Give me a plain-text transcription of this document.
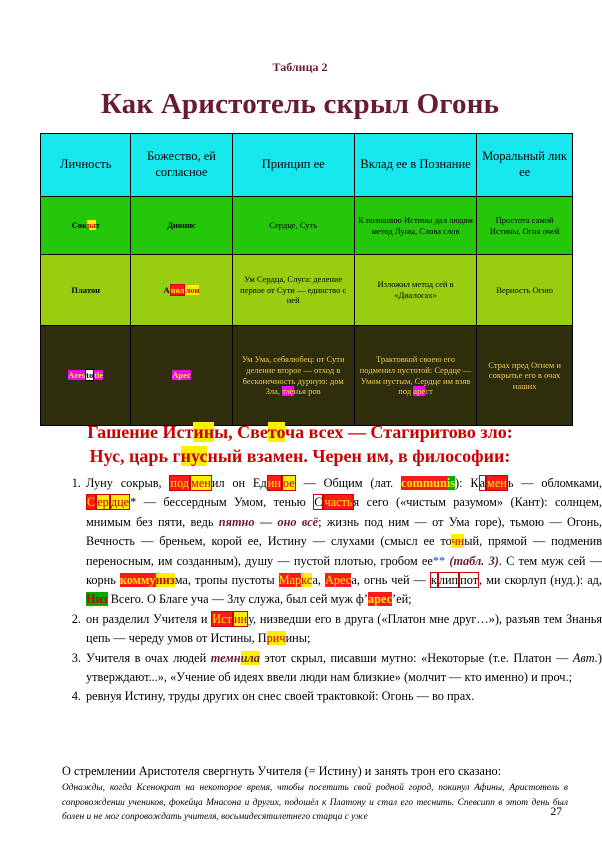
Таблица 2
Как Аристотель скрыл Огонь
Личность	Божество, ей согласное	Принцип ее	Вклад ее в Познание	Моральный лик ее
Сократ	Дионис	Сердце, Суть	К познанию Истины дал людям метод Луны, Слова слов	Простота самой Истины, Огня очей
Платон	Аполлон	Ум Сердца, Слуга: деление первое от Сути — единство с ней	Изложил метод сей в «Диалогах»	Верность Огню
Arestotle	Арес	Ум Ума, себялюбец: от Сути деление второе — отход в бесконечность дурную: дом Зла, тленья ров	Трактовкой своею его подменил пустотой: Сердце — Умом пустым, Сердце им взяв под арест	Страх пред Огнем и сокрытье его в очах наших
Гашение Истины, Светоча всех — Стагиритово зло:
Нус, царь гнусный взамен. Черен им, в философии:
1. Луну сокрыв, под менил он Един ое — Общим (лат. communis): Ка мень — обломками, С ер дце* — бессердным Умом, тенью С частья сего («чистым разумом» (Кант): солнцем, мнимым без пяти, ведь пятно — оно всё; жизнь под ним — от Ума горе), тьмою — Огонь, Вечность — бреньем, корой ее, Истину — слухами (смысл ее точный, прямой — подменив переносным, им созданным), душу — пустой плотью, гробом ее** (табл. 3). С тем муж сей — корнь коммунизма, тропы пустоты Маркса, Ареса, огнь чей — к лип пот, ми скорлуп (нуд.): ад, Низ Всего. О Благе уча — Злу служа, был сей муж ф’арес’ей;
2. он разделил Учителя и Ист ину, низведши его в друга («Платон мне друг…»), разъяв тем Знанья цепь — череду умов от Истины, Причины;
3. Учителя в очах людей темнила этот скрыл, писавши мутно: «Некоторые (т.е. Платон — Авт.) утверждают...», «Учение об идеях ввели люди нам близкие» (молчит — кто именно) и проч.;
4. ревнуя Истину, труды других он снес своей трактовкой: Огонь — во прах.
О стремлении Аристотеля свергнуть Учителя (= Истину) и занять трон его сказано:
Однажды, когда Ксенократ на некоторое время, чтобы посетить свой родной город, покинул Афины, Аристотель в сопровождении учеников, фокейца Мнасона и других, подошёл к Платону и стал его теснить. Спевсипп в этот день был болен и не мог сопровождать учителя, восьмидесятилетнего старца с уже	27
